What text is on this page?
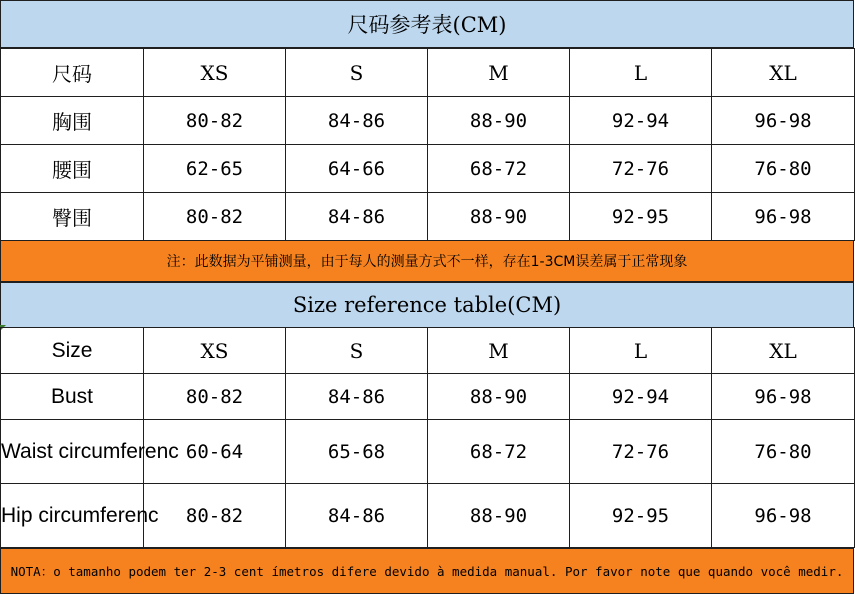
尺码参考表(CM)
尺码	XS	S	M	L	XL
胸围	80-82	84-86	88-90	92-94	96-98
腰围	62-65	64-66	68-72	72-76	76-80
臀围	80-82	84-86	88-90	92-95	96-98
注：此数据为平铺测量，由于每人的测量方式不一样，存在1-3CM误差属于正常现象
Size reference table(CM)
Size	XS	S	M	L	XL
Bust	80-82	84-86	88-90	92-94	96-98
Waist circumferenc	60-64	65-68	68-72	72-76	76-80
Hip circumferenc	80-82	84-86	88-90	92-95	96-98
NOTA：o tamanho podem ter 2-3 cent ímetros difere devido à medida manual. Por favor note que quando você medir.
